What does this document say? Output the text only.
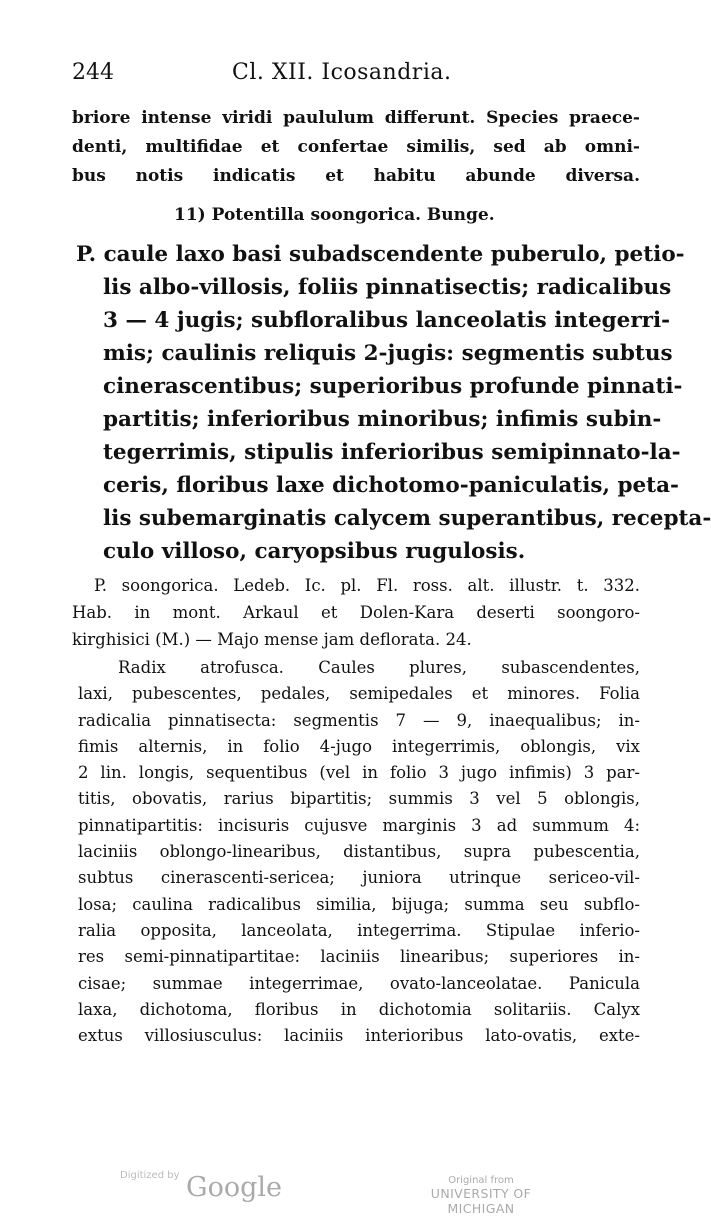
244	Cl. XII. Icosandria.
briore intense viridi paululum differunt. Species praece-
denti, multifidae et confertae similis, sed ab omni-
bus notis indicatis et habitu abunde diversa.
11) Potentilla soongorica. Bunge.
P. caule laxo basi subadscendente puberulo, petio-
lis albo-villosis, foliis pinnatisectis; radicalibus
3 — 4 jugis; subfloralibus lanceolatis integerri-
mis; caulinis reliquis 2-jugis: segmentis subtus
cinerascentibus; superioribus profunde pinnati-
partitis; inferioribus minoribus; infimis subin-
tegerrimis, stipulis inferioribus semipinnato-la-
ceris, floribus laxe dichotomo-paniculatis, peta-
lis subemarginatis calycem superantibus, recepta-
culo villoso, caryopsibus rugulosis.
P. soongorica. Ledeb. Ic. pl. Fl. ross. alt. illustr. t. 332.
Hab. in mont. Arkaul et Dolen-Kara deserti soongoro-
kirghisici (M.) — Majo mense jam deflorata. 24.
Radix atrofusca. Caules plures, subascendentes,
laxi, pubescentes, pedales, semipedales et minores. Folia
radicalia pinnatisecta: segmentis 7 — 9, inaequalibus; in-
fimis alternis, in folio 4-jugo integerrimis, oblongis, vix
2 lin. longis, sequentibus (vel in folio 3 jugo infimis) 3 par-
titis, obovatis, rarius bipartitis; summis 3 vel 5 oblongis,
pinnatipartitis: incisuris cujusve marginis 3 ad summum 4:
laciniis oblongo-linearibus, distantibus, supra pubescentia,
subtus cinerascenti-sericea; juniora utrinque sericeo-vil-
losa; caulina radicalibus similia, bijuga; summa seu subflo-
ralia opposita, lanceolata, integerrima. Stipulae inferio-
res semi-pinnatipartitae: laciniis linearibus; superiores in-
cisae; summae integerrimae, ovato-lanceolatae. Panicula
laxa, dichotoma, floribus in dichotomia solitariis. Calyx
extus villosiusculus: laciniis interioribus lato-ovatis, exte-
Digitized by Google	Original from
UNIVERSITY OF MICHIGAN
